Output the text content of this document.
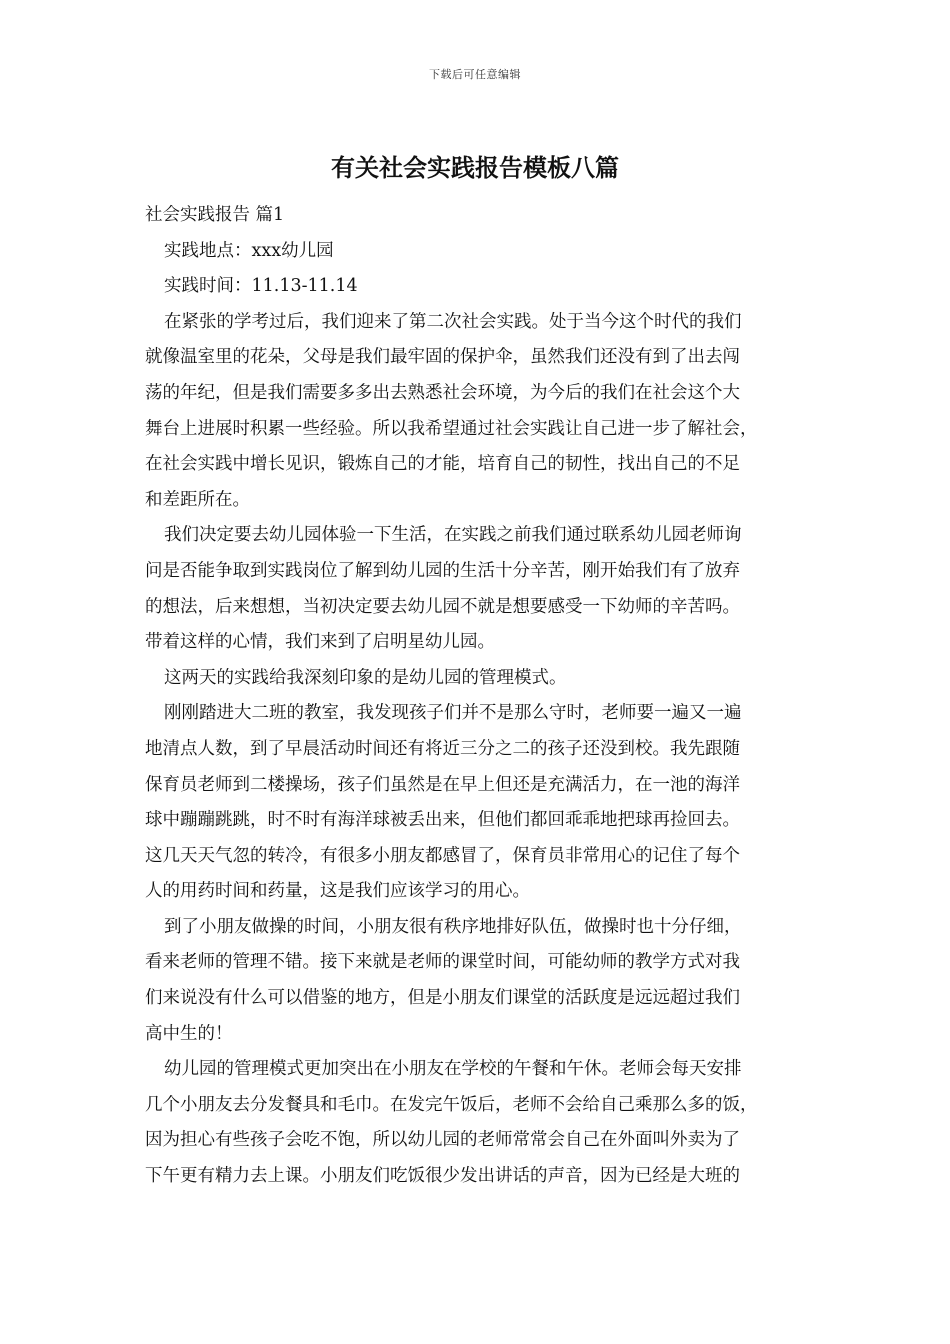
下载后可任意编辑
有关社会实践报告模板八篇
社会实践报告 篇1
实践地点：xxx幼儿园
实践时间：11.13-11.14
在紧张的学考过后，我们迎来了第二次社会实践。处于当今这个时代的我们
就像温室里的花朵，父母是我们最牢固的保护伞，虽然我们还没有到了出去闯
荡的年纪，但是我们需要多多出去熟悉社会环境，为今后的我们在社会这个大
舞台上进展时积累一些经验。所以我希望通过社会实践让自己进一步了解社会，
在社会实践中增长见识，锻炼自己的才能，培育自己的韧性，找出自己的不足
和差距所在。
我们决定要去幼儿园体验一下生活，在实践之前我们通过联系幼儿园老师询
问是否能争取到实践岗位了解到幼儿园的生活十分辛苦，刚开始我们有了放弃
的想法，后来想想，当初决定要去幼儿园不就是想要感受一下幼师的辛苦吗。
带着这样的心情，我们来到了启明星幼儿园。
这两天的实践给我深刻印象的是幼儿园的管理模式。
刚刚踏进大二班的教室，我发现孩子们并不是那么守时，老师要一遍又一遍
地清点人数，到了早晨活动时间还有将近三分之二的孩子还没到校。我先跟随
保育员老师到二楼操场，孩子们虽然是在早上但还是充满活力，在一池的海洋
球中蹦蹦跳跳，时不时有海洋球被丢出来，但他们都回乖乖地把球再捡回去。
这几天天气忽的转冷，有很多小朋友都感冒了，保育员非常用心的记住了每个
人的用药时间和药量，这是我们应该学习的用心。
到了小朋友做操的时间，小朋友很有秩序地排好队伍，做操时也十分仔细，
看来老师的管理不错。接下来就是老师的课堂时间，可能幼师的教学方式对我
们来说没有什么可以借鉴的地方，但是小朋友们课堂的活跃度是远远超过我们
高中生的！
幼儿园的管理模式更加突出在小朋友在学校的午餐和午休。老师会每天安排
几个小朋友去分发餐具和毛巾。在发完午饭后，老师不会给自己乘那么多的饭，
因为担心有些孩子会吃不饱，所以幼儿园的老师常常会自己在外面叫外卖为了
下午更有精力去上课。小朋友们吃饭很少发出讲话的声音，因为已经是大班的
